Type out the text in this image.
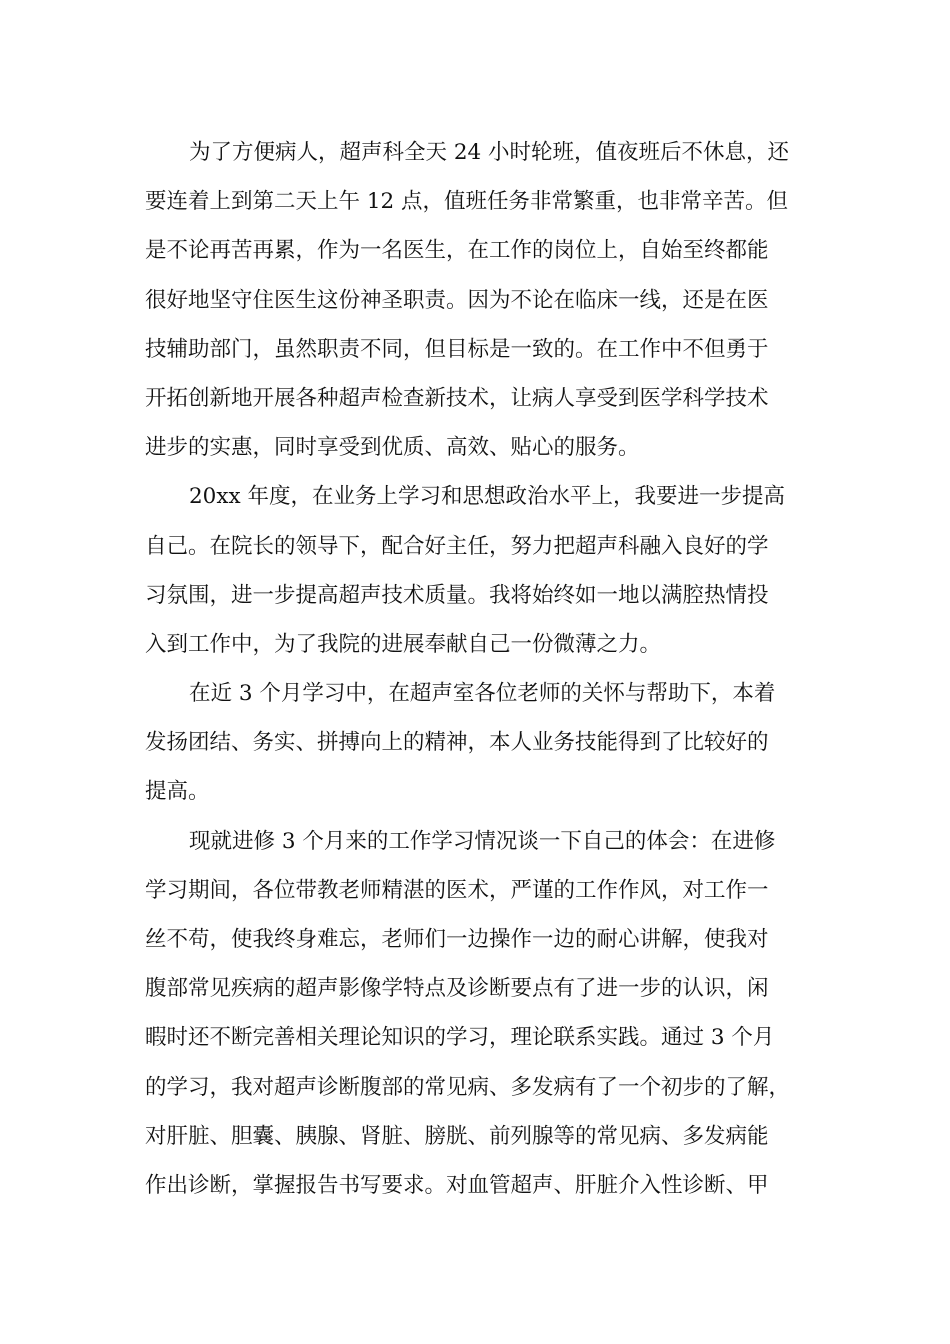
为了方便病人，超声科全天 24 小时轮班，值夜班后不休息，还
要连着上到第二天上午 12 点，值班任务非常繁重，也非常辛苦。但
是不论再苦再累，作为一名医生，在工作的岗位上，自始至终都能
很好地坚守住医生这份神圣职责。因为不论在临床一线，还是在医
技辅助部门，虽然职责不同，但目标是一致的。在工作中不但勇于
开拓创新地开展各种超声检查新技术，让病人享受到医学科学技术
进步的实惠，同时享受到优质、高效、贴心的服务。
20xx 年度，在业务上学习和思想政治水平上，我要进一步提高
自己。在院长的领导下，配合好主任，努力把超声科融入良好的学
习氛围，进一步提高超声技术质量。我将始终如一地以满腔热情投
入到工作中，为了我院的进展奉献自己一份微薄之力。
在近 3 个月学习中，在超声室各位老师的关怀与帮助下，本着
发扬团结、务实、拼搏向上的精神，本人业务技能得到了比较好的
提高。
现就进修 3 个月来的工作学习情况谈一下自己的体会：在进修
学习期间，各位带教老师精湛的医术，严谨的工作作风，对工作一
丝不苟，使我终身难忘，老师们一边操作一边的耐心讲解，使我对
腹部常见疾病的超声影像学特点及诊断要点有了进一步的认识，闲
暇时还不断完善相关理论知识的学习，理论联系实践。通过 3 个月
的学习，我对超声诊断腹部的常见病、多发病有了一个初步的了解，
对肝脏、胆囊、胰腺、肾脏、膀胱、前列腺等的常见病、多发病能
作出诊断，掌握报告书写要求。对血管超声、肝脏介入性诊断、甲
